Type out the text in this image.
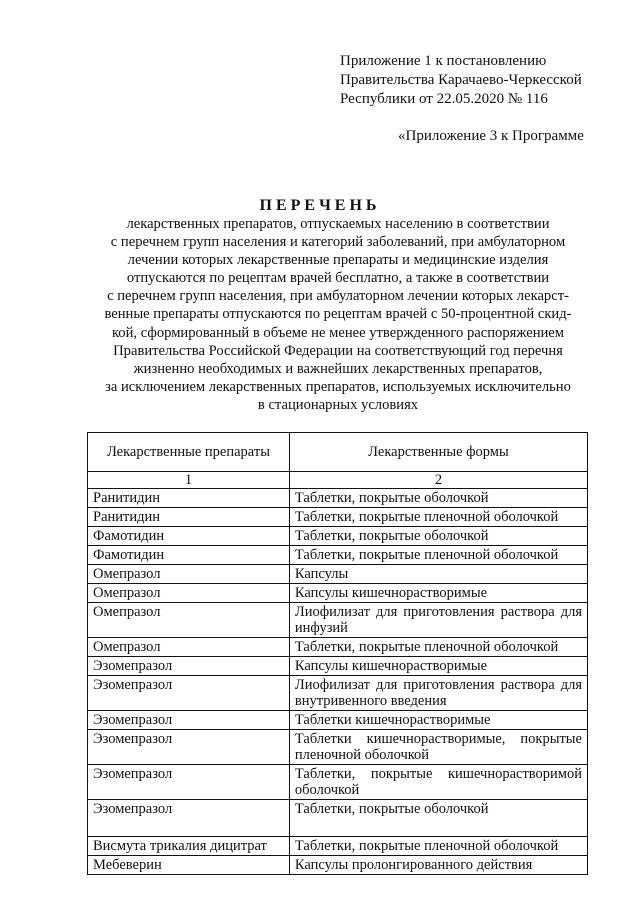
Приложение 1 к постановлению
Правительства Карачаево-Черкесской
Республики от 22.05.2020 № 116
«Приложение 3 к Программе
ПЕРЕЧЕНЬ
лекарственных препаратов, отпускаемых населению в соответствии
с перечнем групп населения и категорий заболеваний, при амбулаторном
лечении которых лекарственные препараты и медицинские изделия
отпускаются по рецептам врачей бесплатно, а также в соответствии
с перечнем групп населения, при амбулаторном лечении которых лекарст-
венные препараты отпускаются по рецептам врачей с 50-процентной скид-
кой, сформированный в объеме не менее утвержденного распоряжением
Правительства Российской Федерации на соответствующий год перечня
жизненно необходимых и важнейших лекарственных препаратов,
за исключением лекарственных препаратов, используемых исключительно
в стационарных условиях
Лекарственные препараты	Лекарственные формы
1	2
Ранитидин	Таблетки, покрытые оболочкой
Ранитидин	Таблетки, покрытые пленочной оболочкой
Фамотидин	Таблетки, покрытые оболочкой
Фамотидин	Таблетки, покрытые пленочной оболочкой
Омепразол	Капсулы
Омепразол	Капсулы кишечнорастворимые
Омепразол	Лиофилизат для приготовления раствора для инфузий
Омепразол	Таблетки, покрытые пленочной оболочкой
Эзомепразол	Капсулы кишечнорастворимые
Эзомепразол	Лиофилизат для приготовления раствора для внутривенного введения
Эзомепразол	Таблетки кишечнорастворимые
Эзомепразол	Таблетки кишечнорастворимые, покрытые пленочной оболочкой
Эзомепразол	Таблетки, покрытые кишечнорастворимой оболочкой
Эзомепразол	Таблетки, покрытые оболочкой
Висмута трикалия дицитрат	Таблетки, покрытые пленочной оболочкой
Мебеверин	Капсулы пролонгированного действия
